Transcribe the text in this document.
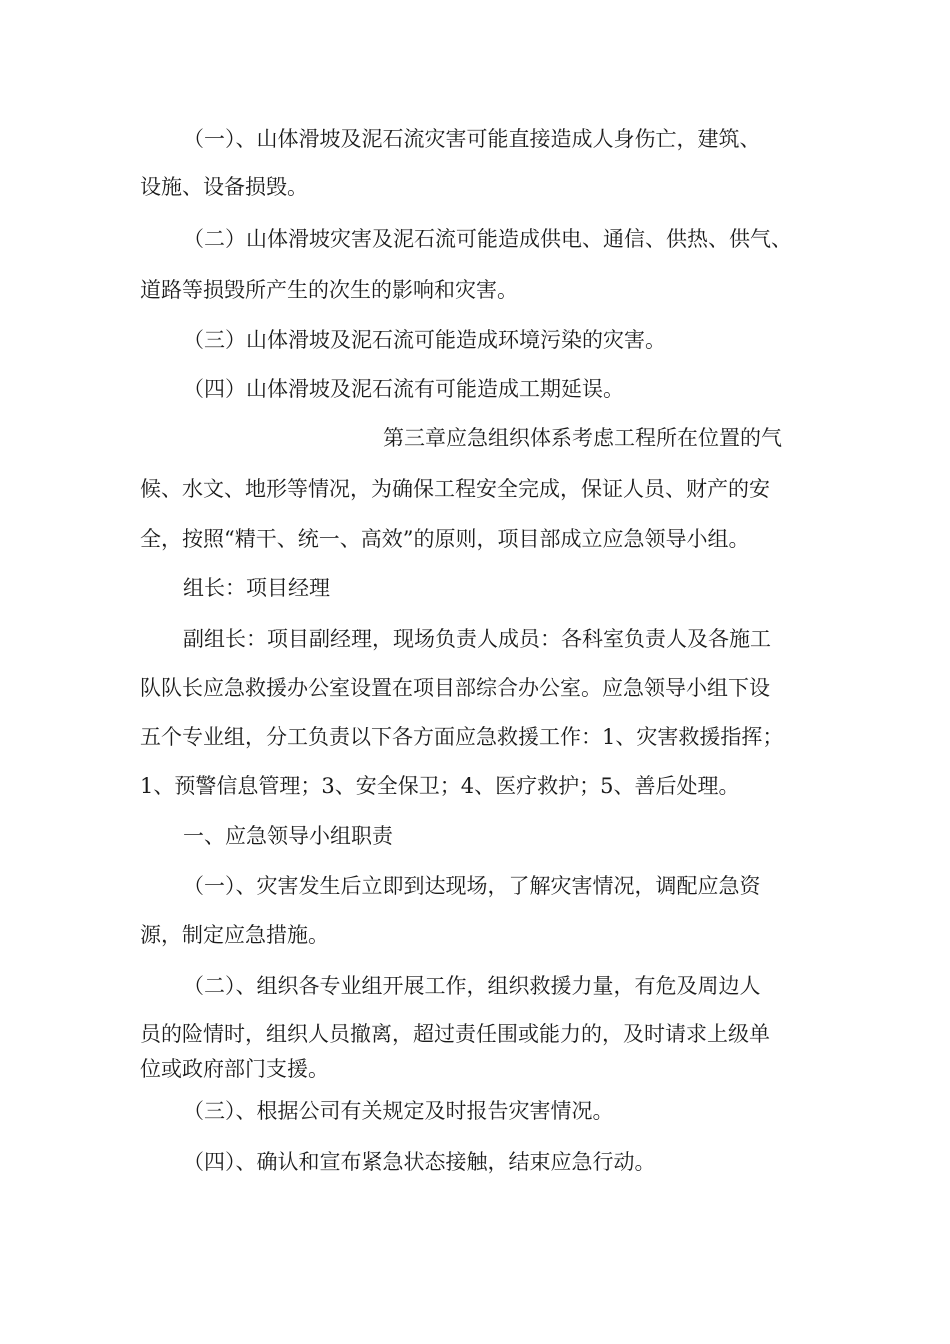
（一）、山体滑坡及泥石流灾害可能直接造成人身伤亡，建筑、
设施、设备损毁。
（二）山体滑坡灾害及泥石流可能造成供电、通信、供热、供气、
道路等损毁所产生的次生的影响和灾害。
（三）山体滑坡及泥石流可能造成环境污染的灾害。
（四）山体滑坡及泥石流有可能造成工期延误。
第三章应急组织体系考虑工程所在位置的气
候、水文、地形等情况，为确保工程安全完成，保证人员、财产的安
全，按照“精干、统一、高效”的原则，项目部成立应急领导小组。
组长：项目经理
副组长：项目副经理，现场负责人成员：各科室负责人及各施工
队队长应急救援办公室设置在项目部综合办公室。应急领导小组下设
五个专业组，分工负责以下各方面应急救援工作：1、灾害救援指挥；
1、预警信息管理；3、安全保卫；4、医疗救护；5、善后处理。
一、应急领导小组职责
（一）、灾害发生后立即到达现场，了解灾害情况，调配应急资
源，制定应急措施。
（二）、组织各专业组开展工作，组织救援力量，有危及周边人
员的险情时，组织人员撤离，超过责任围或能力的，及时请求上级单
位或政府部门支援。
（三）、根据公司有关规定及时报告灾害情况。
（四）、确认和宣布紧急状态接触，结束应急行动。
